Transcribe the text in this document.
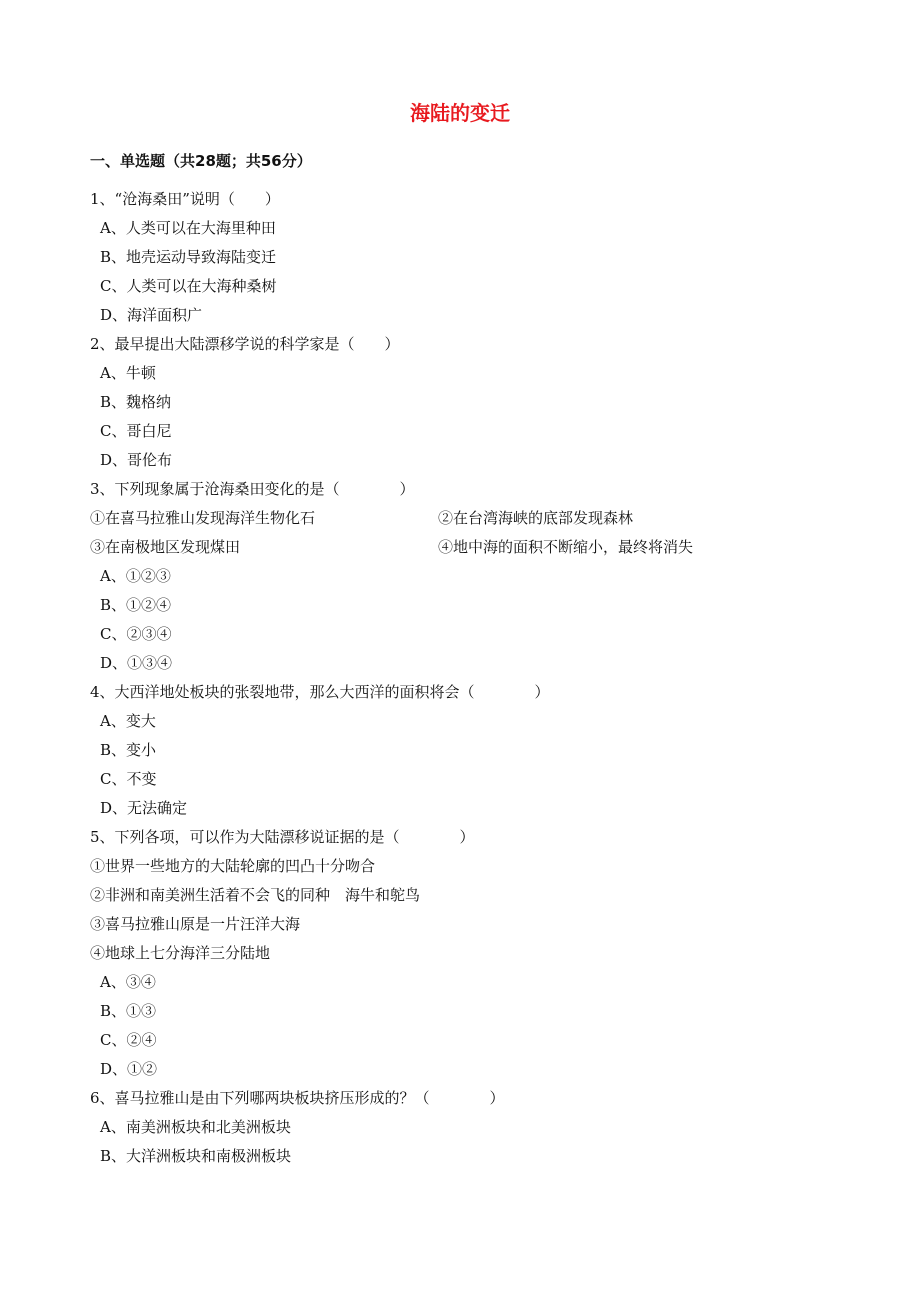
海陆的变迁
一、单选题（共28题；共56分）
1、“沧海桑田”说明（　　）
A、人类可以在大海里种田
B、地壳运动导致海陆变迁
C、人类可以在大海种桑树
D、海洋面积广
2、最早提出大陆漂移学说的科学家是（　　）
A、牛顿
B、魏格纳
C、哥白尼
D、哥伦布
3、下列现象属于沧海桑田变化的是（　　　　）
①在喜马拉雅山发现海洋生物化石	②在台湾海峡的底部发现森林
③在南极地区发现煤田	④地中海的面积不断缩小，最终将消失
A、①②③
B、①②④
C、②③④
D、①③④
4、大西洋地处板块的张裂地带，那么大西洋的面积将会（　　　　）
A、变大
B、变小
C、不变
D、无法确定
5、下列各项，可以作为大陆漂移说证据的是（　　　　）
①世界一些地方的大陆轮廓的凹凸十分吻合
②非洲和南美洲生活着不会飞的同种　海牛和鸵鸟
③喜马拉雅山原是一片汪洋大海
④地球上七分海洋三分陆地
A、③④
B、①③
C、②④
D、①②
6、喜马拉雅山是由下列哪两块板块挤压形成的？（　　　　）
A、南美洲板块和北美洲板块
B、大洋洲板块和南极洲板块
